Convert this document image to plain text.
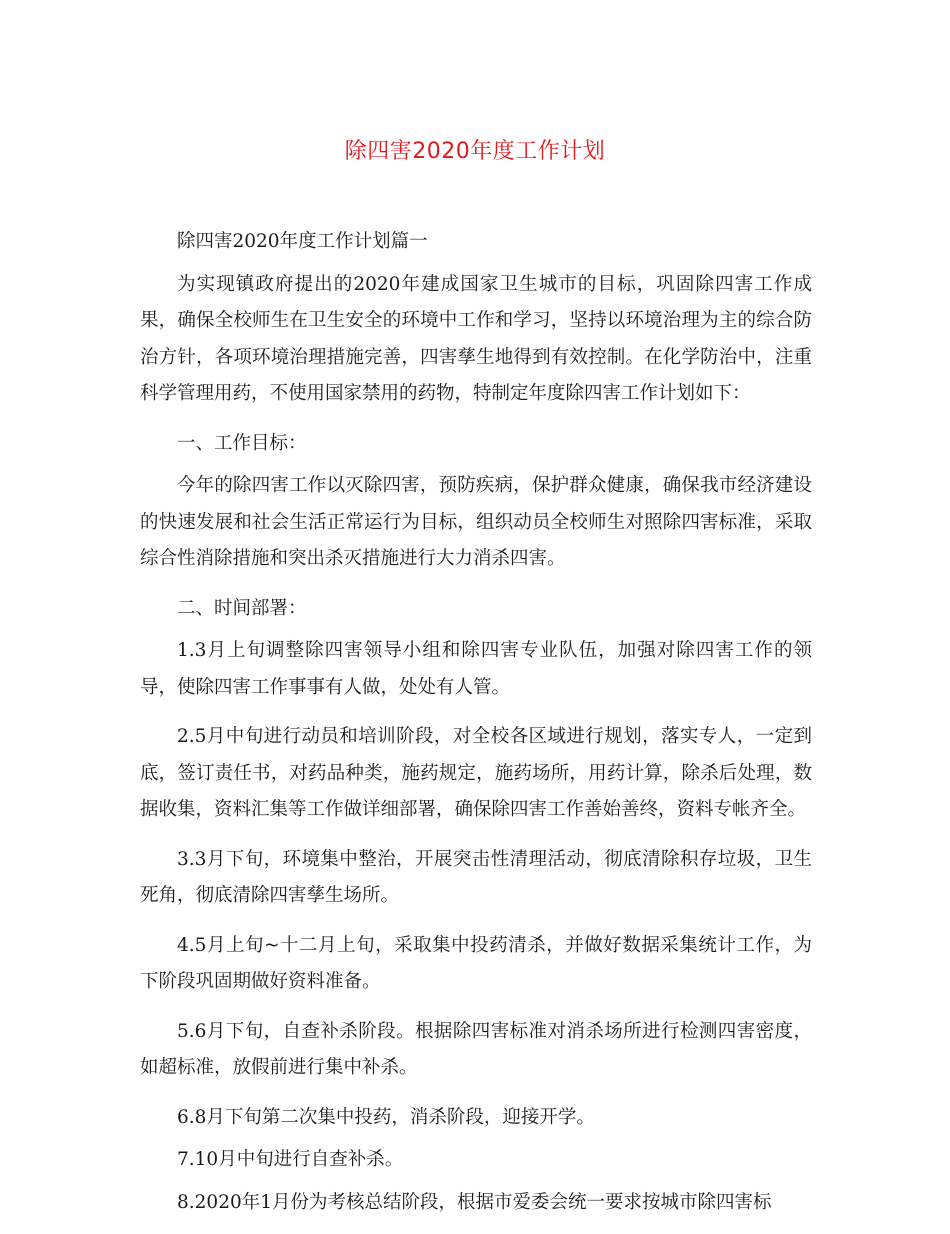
除四害2020年度工作计划

除四害2020年度工作计划篇一

为实现镇政府提出的2020年建成国家卫生城市的目标，巩固除四害工作成果，确保全校师生在卫生安全的环境中工作和学习，坚持以环境治理为主的综合防治方针，各项环境治理措施完善，四害孳生地得到有效控制。在化学防治中，注重科学管理用药，不使用国家禁用的药物，特制定年度除四害工作计划如下：

一、工作目标：

今年的除四害工作以灭除四害，预防疾病，保护群众健康，确保我市经济建设的快速发展和社会生活正常运行为目标，组织动员全校师生对照除四害标准，采取综合性消除措施和突出杀灭措施进行大力消杀四害。

二、时间部署：

1.3月上旬调整除四害领导小组和除四害专业队伍，加强对除四害工作的领导，使除四害工作事事有人做，处处有人管。

2.5月中旬进行动员和培训阶段，对全校各区域进行规划，落实专人，一定到底，签订责任书，对药品种类，施药规定，施药场所，用药计算，除杀后处理，数据收集，资料汇集等工作做详细部署，确保除四害工作善始善终，资料专帐齐全。

3.3月下旬，环境集中整治，开展突击性清理活动，彻底清除积存垃圾，卫生死角，彻底清除四害孳生场所。

4.5月上旬~十二月上旬，采取集中投药清杀，并做好数据采集统计工作，为下阶段巩固期做好资料准备。

5.6月下旬，自查补杀阶段。根据除四害标准对消杀场所进行检测四害密度，如超标准，放假前进行集中补杀。

6.8月下旬第二次集中投药，消杀阶段，迎接开学。

7.10月中旬进行自查补杀。

8.2020年1月份为考核总结阶段，根据市爱委会统一要求按城市除四害标
